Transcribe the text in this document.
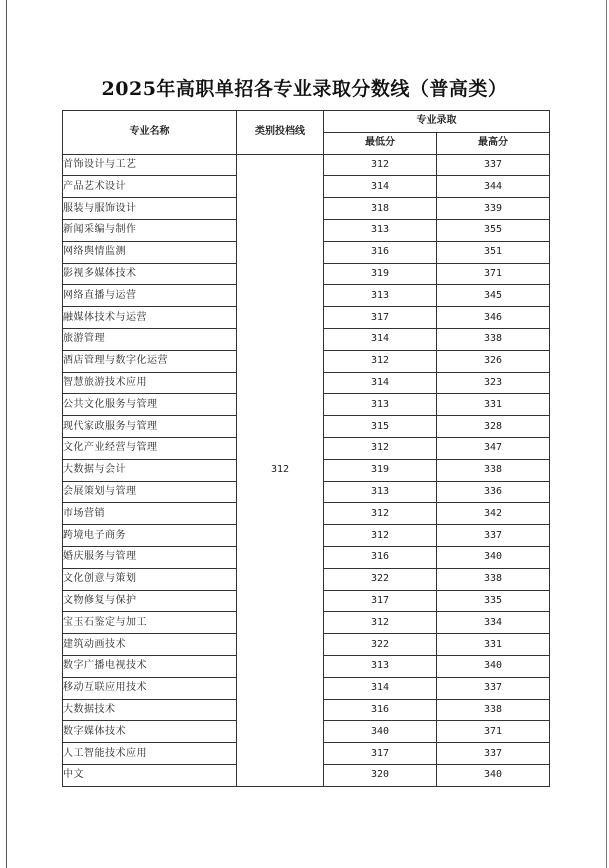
2025年高职单招各专业录取分数线（普高类）
专业名称	类别投档线	专业录取	
		最低分	最高分
首饰设计与工艺	312	312	337
产品艺术设计		314	344
服装与服饰设计		318	339
新闻采编与制作		313	355
网络舆情监测		316	351
影视多媒体技术		319	371
网络直播与运营		313	345
融媒体技术与运营		317	346
旅游管理		314	338
酒店管理与数字化运营		312	326
智慧旅游技术应用		314	323
公共文化服务与管理		313	331
现代家政服务与管理		315	328
文化产业经营与管理		312	347
大数据与会计		319	338
会展策划与管理		313	336
市场营销		312	342
跨境电子商务		312	337
婚庆服务与管理		316	340
文化创意与策划		322	338
文物修复与保护		317	335
宝玉石鉴定与加工		312	334
建筑动画技术		322	331
数字广播电视技术		313	340
移动互联应用技术		314	337
大数据技术		316	338
数字媒体技术		340	371
人工智能技术应用		317	337
中文		320	340
